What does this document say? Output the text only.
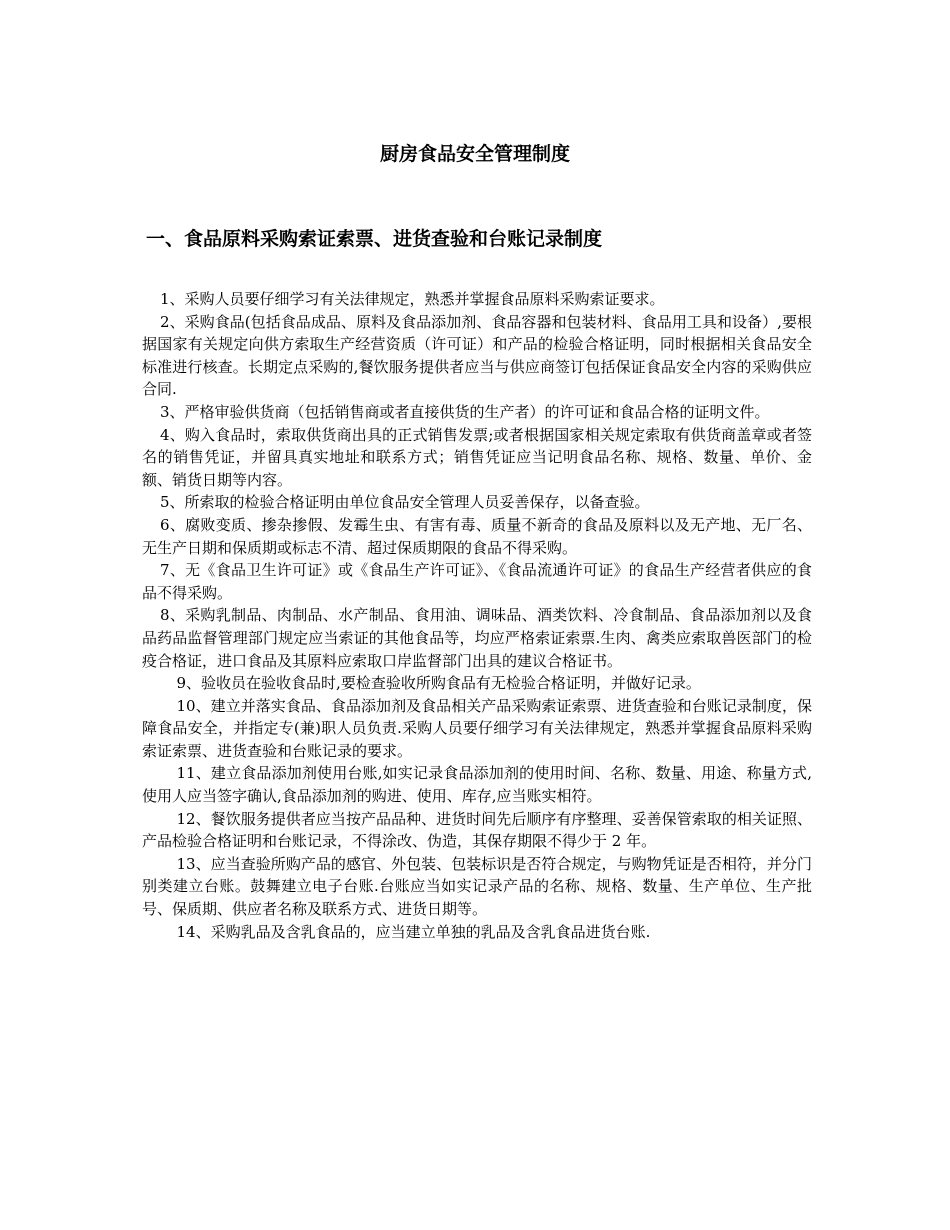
厨房食品安全管理制度
一、食品原料采购索证索票、进货查验和台账记录制度

1、采购人员要仔细学习有关法律规定，熟悉并掌握食品原料采购索证要求。

2、采购食品(包括食品成品、原料及食品添加剂、食品容器和包装材料、食品用工具和设备）,要根据国家有关规定向供方索取生产经营资质（许可证）和产品的检验合格证明，同时根据相关食品安全标准进行核查。长期定点采购的,餐饮服务提供者应当与供应商签订包括保证食品安全内容的采购供应合同.

3、严格审验供货商（包括销售商或者直接供货的生产者）的许可证和食品合格的证明文件。

4、购入食品时，索取供货商出具的正式销售发票;或者根据国家相关规定索取有供货商盖章或者签名的销售凭证，并留具真实地址和联系方式；销售凭证应当记明食品名称、规格、数量、单价、金额、销货日期等内容。

5、所索取的检验合格证明由单位食品安全管理人员妥善保存，以备查验。

6、腐败变质、掺杂掺假、发霉生虫、有害有毒、质量不新奇的食品及原料以及无产地、无厂名、无生产日期和保质期或标志不清、超过保质期限的食品不得采购。

7、无《食品卫生许可证》或《食品生产许可证》、《食品流通许可证》的食品生产经营者供应的食品不得采购。

8、采购乳制品、肉制品、水产制品、食用油、调味品、酒类饮料、冷食制品、食品添加剂以及食品药品监督管理部门规定应当索证的其他食品等，均应严格索证索票.生肉、禽类应索取兽医部门的检疫合格证，进口食品及其原料应索取口岸监督部门出具的建议合格证书。

9、验收员在验收食品时,要检查验收所购食品有无检验合格证明，并做好记录。

10、建立并落实食品、食品添加剂及食品相关产品采购索证索票、进货查验和台账记录制度，保障食品安全，并指定专(兼)职人员负责.采购人员要仔细学习有关法律规定，熟悉并掌握食品原料采购索证索票、进货查验和台账记录的要求。

11、建立食品添加剂使用台账,如实记录食品添加剂的使用时间、名称、数量、用途、称量方式,使用人应当签字确认,食品添加剂的购进、使用、库存,应当账实相符。

12、餐饮服务提供者应当按产品品种、进货时间先后顺序有序整理、妥善保管索取的相关证照、产品检验合格证明和台账记录，不得涂改、伪造，其保存期限不得少于 2 年。

13、应当查验所购产品的感官、外包装、包装标识是否符合规定，与购物凭证是否相符，并分门别类建立台账。鼓舞建立电子台账.台账应当如实记录产品的名称、规格、数量、生产单位、生产批号、保质期、供应者名称及联系方式、进货日期等。

14、采购乳品及含乳食品的，应当建立单独的乳品及含乳食品进货台账.
